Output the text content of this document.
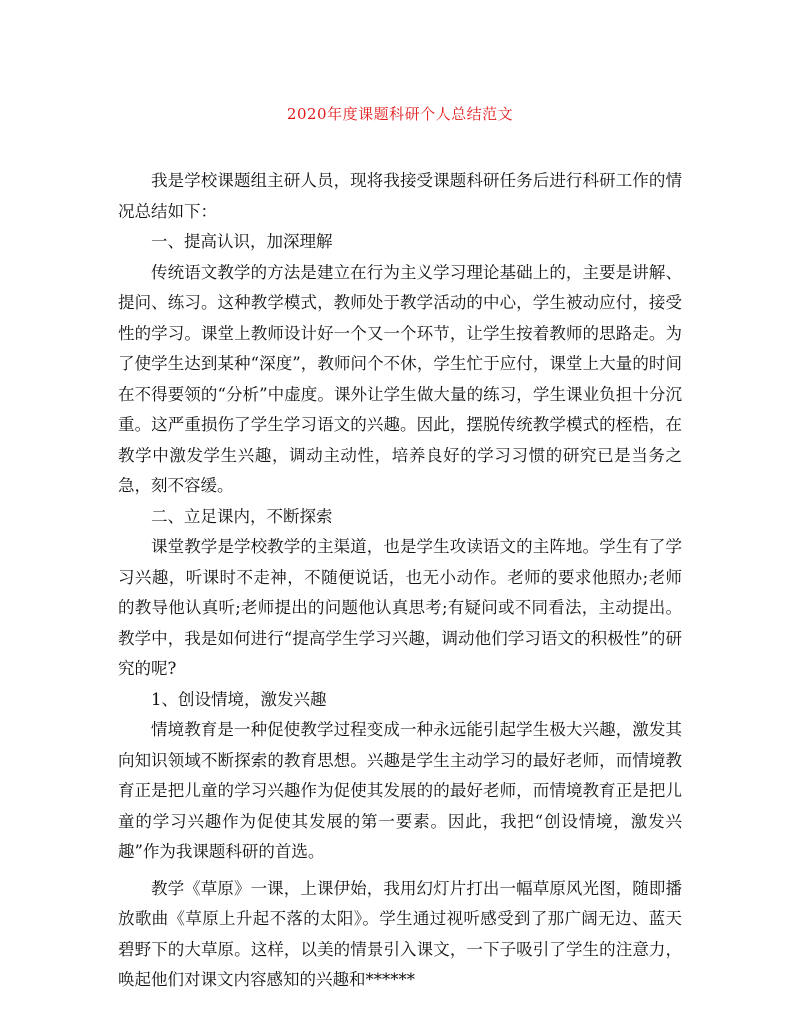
2020年度课题科研个人总结范文

我是学校课题组主研人员，现将我接受课题科研任务后进行科研工作的情况总结如下：

一、提高认识，加深理解

传统语文教学的方法是建立在行为主义学习理论基础上的，主要是讲解、提问、练习。这种教学模式，教师处于教学活动的中心，学生被动应付，接受性的学习。课堂上教师设计好一个又一个环节，让学生按着教师的思路走。为了使学生达到某种“深度”，教师问个不休，学生忙于应付，课堂上大量的时间在不得要领的“分析”中虚度。课外让学生做大量的练习，学生课业负担十分沉重。这严重损伤了学生学习语文的兴趣。因此，摆脱传统教学模式的桎梏，在教学中激发学生兴趣，调动主动性，培养良好的学习习惯的研究已是当务之急，刻不容缓。

二、立足课内，不断探索

课堂教学是学校教学的主渠道，也是学生攻读语文的主阵地。学生有了学习兴趣，听课时不走神，不随便说话，也无小动作。老师的要求他照办;老师的教导他认真听;老师提出的问题他认真思考;有疑问或不同看法，主动提出。教学中，我是如何进行“提高学生学习兴趣，调动他们学习语文的积极性”的研究的呢?

1、创设情境，激发兴趣

情境教育是一种促使教学过程变成一种永远能引起学生极大兴趣，激发其向知识领域不断探索的教育思想。兴趣是学生主动学习的最好老师，而情境教育正是把儿童的学习兴趣作为促使其发展的的最好老师，而情境教育正是把儿童的学习兴趣作为促使其发展的第一要素。因此，我把“创设情境，激发兴趣”作为我课题科研的首选。

教学《草原》一课，上课伊始，我用幻灯片打出一幅草原风光图，随即播放歌曲《草原上升起不落的太阳》。学生通过视听感受到了那广阔无边、蓝天碧野下的大草原。这样，以美的情景引入课文，一下子吸引了学生的注意力，唤起他们对课文内容感知的兴趣和******
